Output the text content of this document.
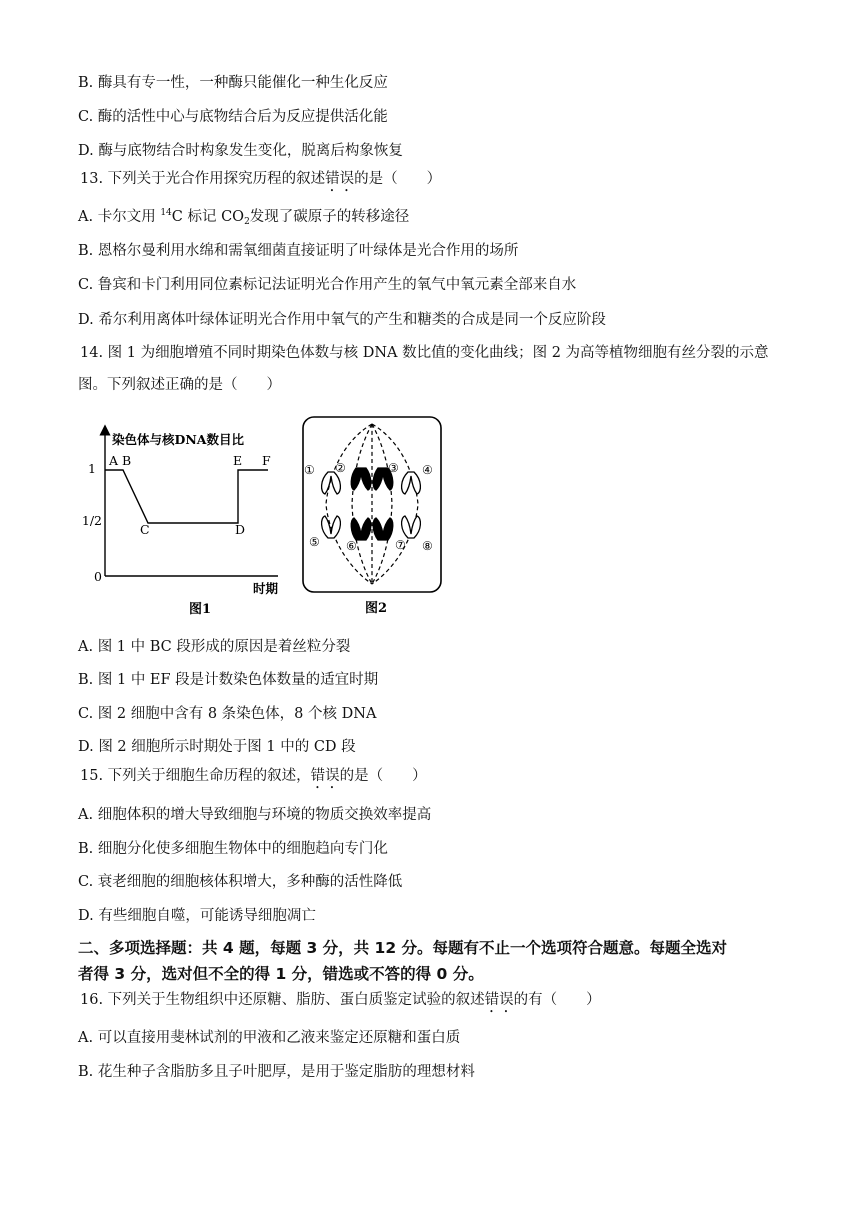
B. 酶具有专一性，一种酶只能催化一种生化反应
C. 酶的活性中心与底物结合后为反应提供活化能
D. 酶与底物结合时构象发生变化，脱离后构象恢复
13. 下列关于光合作用探究历程的叙述错误的是（　　）
A. 卡尔文用 $^{14}$C 标记 $CO_2$发现了碳原子的转移途径
B. 恩格尔曼利用水绵和需氧细菌直接证明了叶绿体是光合作用的场所
C. 鲁宾和卡门利用同位素标记法证明光合作用产生的氧气中氧元素全部来自水
D. 希尔利用离体叶绿体证明光合作用中氧气的产生和糖类的合成是同一个反应阶段
14. 图 1 为细胞增殖不同时期染色体数与核 DNA 数比值的变化曲线；图 2 为高等植物细胞有丝分裂的示意
图。下列叙述正确的是（　　）
染色体与核DNA数目比
1
1/2
0
A B
C	D
E F
时期
图1
① ②	③ ④
⑤ ⑥	⑦ ⑧
图2
A. 图 1 中 BC 段形成的原因是着丝粒分裂
B. 图 1 中 EF 段是计数染色体数量的适宜时期
C. 图 2 细胞中含有 8 条染色体，8 个核 DNA
D. 图 2 细胞所示时期处于图 1 中的 CD 段
15. 下列关于细胞生命历程的叙述，错误的是（　　）
A. 细胞体积的增大导致细胞与环境的物质交换效率提高
B. 细胞分化使多细胞生物体中的细胞趋向专门化
C. 衰老细胞的细胞核体积增大，多种酶的活性降低
D. 有些细胞自噬，可能诱导细胞凋亡
二、多项选择题：共 4 题，每题 3 分，共 12 分。每题有不止一个选项符合题意。每题全选对
者得 3 分，选对但不全的得 1 分，错选或不答的得 0 分。
16. 下列关于生物组织中还原糖、脂肪、蛋白质鉴定试验的叙述错误的有（　　）
A. 可以直接用斐林试剂的甲液和乙液来鉴定还原糖和蛋白质
B. 花生种子含脂肪多且子叶肥厚，是用于鉴定脂肪的理想材料
